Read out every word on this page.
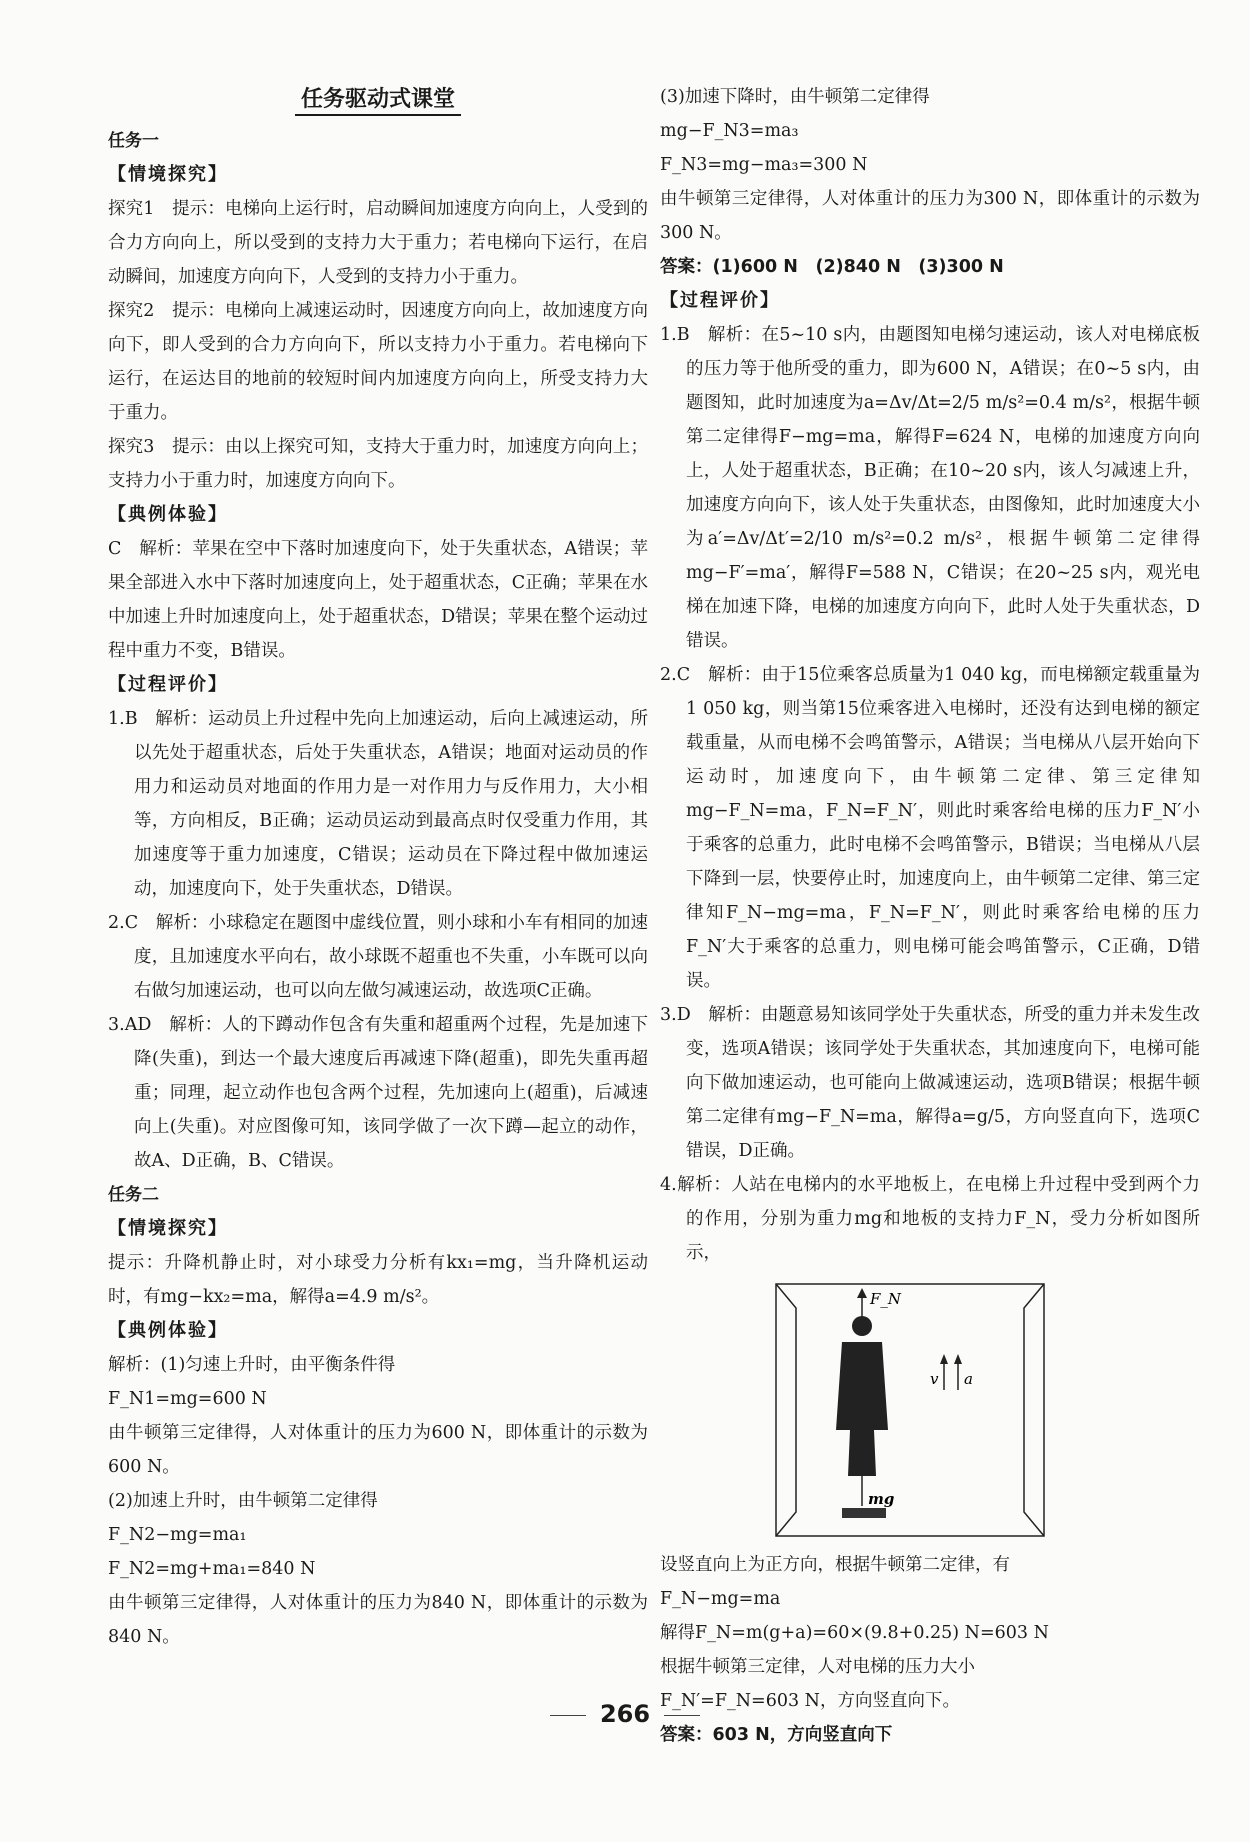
任务驱动式课堂

任务一

【情境探究】

探究1　提示：电梯向上运行时，启动瞬间加速度方向向上，人受到的合力方向向上，所以受到的支持力大于重力；若电梯向下运行，在启动瞬间，加速度方向向下，人受到的支持力小于重力。

探究2　提示：电梯向上减速运动时，因速度方向向上，故加速度方向向下，即人受到的合力方向向下，所以支持力小于重力。若电梯向下运行，在运达目的地前的较短时间内加速度方向向上，所受支持力大于重力。

探究3　提示：由以上探究可知，支持大于重力时，加速度方向向上；支持力小于重力时，加速度方向向下。

【典例体验】

C　解析：苹果在空中下落时加速度向下，处于失重状态，A错误；苹果全部进入水中下落时加速度向上，处于超重状态，C正确；苹果在水中加速上升时加速度向上，处于超重状态，D错误；苹果在整个运动过程中重力不变，B错误。

【过程评价】

1.B　解析：运动员上升过程中先向上加速运动，后向上减速运动，所以先处于超重状态，后处于失重状态，A错误；地面对运动员的作用力和运动员对地面的作用力是一对作用力与反作用力，大小相等，方向相反，B正确；运动员运动到最高点时仅受重力作用，其加速度等于重力加速度，C错误；运动员在下降过程中做加速运动，加速度向下，处于失重状态，D错误。

2.C　解析：小球稳定在题图中虚线位置，则小球和小车有相同的加速度，且加速度水平向右，故小球既不超重也不失重，小车既可以向右做匀加速运动，也可以向左做匀减速运动，故选项C正确。

3.AD　解析：人的下蹲动作包含有失重和超重两个过程，先是加速下降(失重)，到达一个最大速度后再减速下降(超重)，即先失重再超重；同理，起立动作也包含两个过程，先加速向上(超重)，后减速向上(失重)。对应图像可知，该同学做了一次下蹲—起立的动作，故A、D正确，B、C错误。

任务二

【情境探究】

提示：升降机静止时，对小球受力分析有kx₁=mg，当升降机运动时，有mg−kx₂=ma，解得a=4.9 m/s²。

【典例体验】

解析：(1)匀速上升时，由平衡条件得

F_N1=mg=600 N

由牛顿第三定律得，人对体重计的压力为600 N，即体重计的示数为600 N。

(2)加速上升时，由牛顿第二定律得

F_N2−mg=ma₁

F_N2=mg+ma₁=840 N

由牛顿第三定律得，人对体重计的压力为840 N，即体重计的示数为840 N。

(3)加速下降时，由牛顿第二定律得

mg−F_N3=ma₃

F_N3=mg−ma₃=300 N

由牛顿第三定律得，人对体重计的压力为300 N，即体重计的示数为300 N。

答案：(1)600 N　(2)840 N　(3)300 N

【过程评价】

1.B　解析：在5~10 s内，由题图知电梯匀速运动，该人对电梯底板的压力等于他所受的重力，即为600 N，A错误；在0~5 s内，由题图知，此时加速度为a=Δv/Δt=2/5 m/s²=0.4 m/s²，根据牛顿第二定律得F−mg=ma，解得F=624 N，电梯的加速度方向向上，人处于超重状态，B正确；在10~20 s内，该人匀减速上升，加速度方向向下，该人处于失重状态，由图像知，此时加速度大小为a′=Δv/Δt′=2/10 m/s²=0.2 m/s²，根据牛顿第二定律得mg−F′=ma′，解得F=588 N，C错误；在20~25 s内，观光电梯在加速下降，电梯的加速度方向向下，此时人处于失重状态，D错误。

2.C　解析：由于15位乘客总质量为1 040 kg，而电梯额定载重量为1 050 kg，则当第15位乘客进入电梯时，还没有达到电梯的额定载重量，从而电梯不会鸣笛警示，A错误；当电梯从八层开始向下运动时，加速度向下，由牛顿第二定律、第三定律知mg−F_N=ma，F_N=F_N′，则此时乘客给电梯的压力F_N′小于乘客的总重力，此时电梯不会鸣笛警示，B错误；当电梯从八层下降到一层，快要停止时，加速度向上，由牛顿第二定律、第三定律知F_N−mg=ma，F_N=F_N′，则此时乘客给电梯的压力F_N′大于乘客的总重力，则电梯可能会鸣笛警示，C正确，D错误。

3.D　解析：由题意易知该同学处于失重状态，所受的重力并未发生改变，选项A错误；该同学处于失重状态，其加速度向下，电梯可能向下做加速运动，也可能向上做减速运动，选项B错误；根据牛顿第二定律有mg−F_N=ma，解得a=g/5，方向竖直向下，选项C错误，D正确。

4.解析：人站在电梯内的水平地板上，在电梯上升过程中受到两个力的作用，分别为重力mg和地板的支持力F_N，受力分析如图所示，

F_N
v a
mg

设竖直向上为正方向，根据牛顿第二定律，有

F_N−mg=ma

解得F_N=m(g+a)=60×(9.8+0.25) N=603 N

根据牛顿第三定律，人对电梯的压力大小

F_N′=F_N=603 N，方向竖直向下。

答案：603 N，方向竖直向下

266
